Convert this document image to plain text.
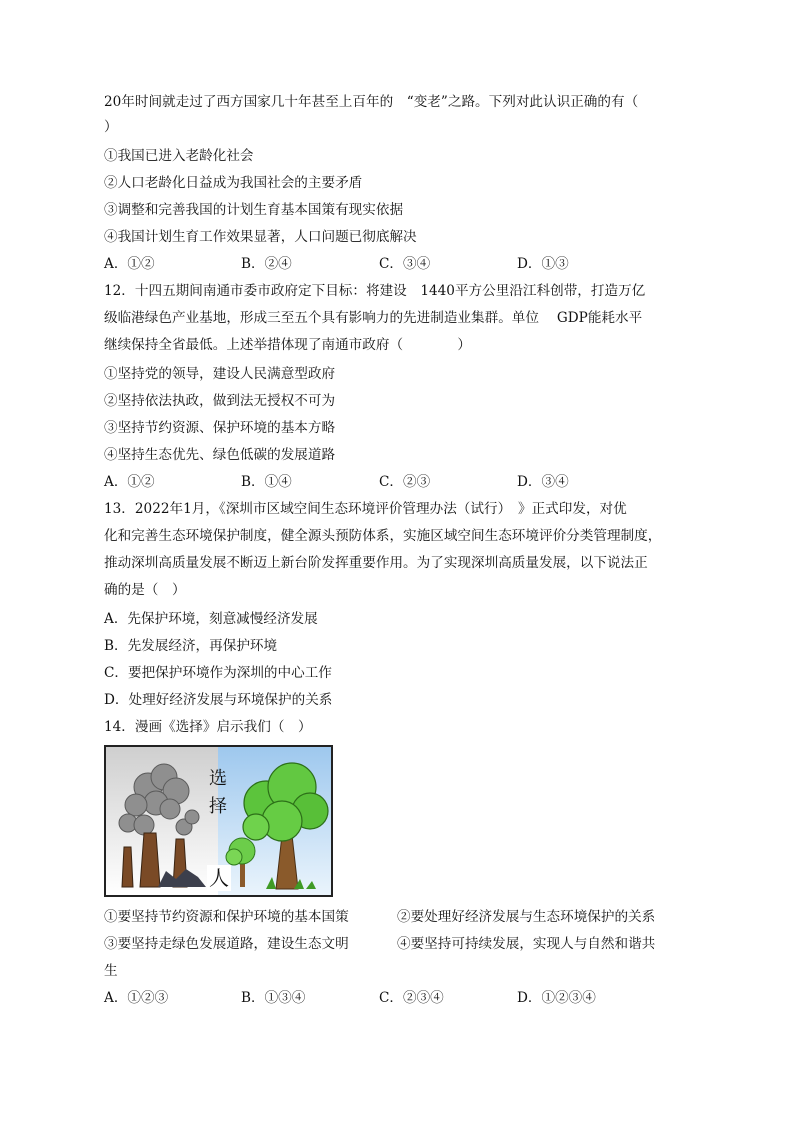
20年时间就走过了西方国家几十年甚至上百年的　“变老”之路。下列对此认识正确的有（
）
①我国已进入老龄化社会
②人口老龄化日益成为我国社会的主要矛盾
③调整和完善我国的计划生育基本国策有现实依据
④我国计划生育工作效果显著，人口问题已彻底解决
A．①②	B．②④	C．③④	D．①③
12．十四五期间南通市委市政府定下目标：将建设　1440平方公里沿江科创带，打造万亿
级临港绿色产业基地，形成三至五个具有影响力的先进制造业集群。单位　 GDP能耗水平
继续保持全省最低。上述举措体现了南通市政府（　　　　）
①坚持党的领导，建设人民满意型政府
②坚持依法执政，做到法无授权不可为
③坚持节约资源、保护环境的基本方略
④坚持生态优先、绿色低碳的发展道路
A．①②	B．①④	C．②③	D．③④
13．2022年1月，《深圳市区域空间生态环境评价管理办法（试行）　》正式印发，对优
化和完善生态环境保护制度，健全源头预防体系，实施区域空间生态环境评价分类管理制度，
推动深圳高质量发展不断迈上新台阶发挥重要作用。为了实现深圳高质量发展，以下说法正
确的是（　）
A．先保护环境，刻意减慢经济发展
B．先发展经济，再保护环境
C．要把保护环境作为深圳的中心工作
D．处理好经济发展与环境保护的关系
14．漫画《选择》启示我们（　）
选
择
人
①要坚持节约资源和保护环境的基本国策	②要处理好经济发展与生态环境保护的关系
③要坚持走绿色发展道路，建设生态文明	④要坚持可持续发展，实现人与自然和谐共
生
A．①②③	B．①③④	C．②③④	D．①②③④
